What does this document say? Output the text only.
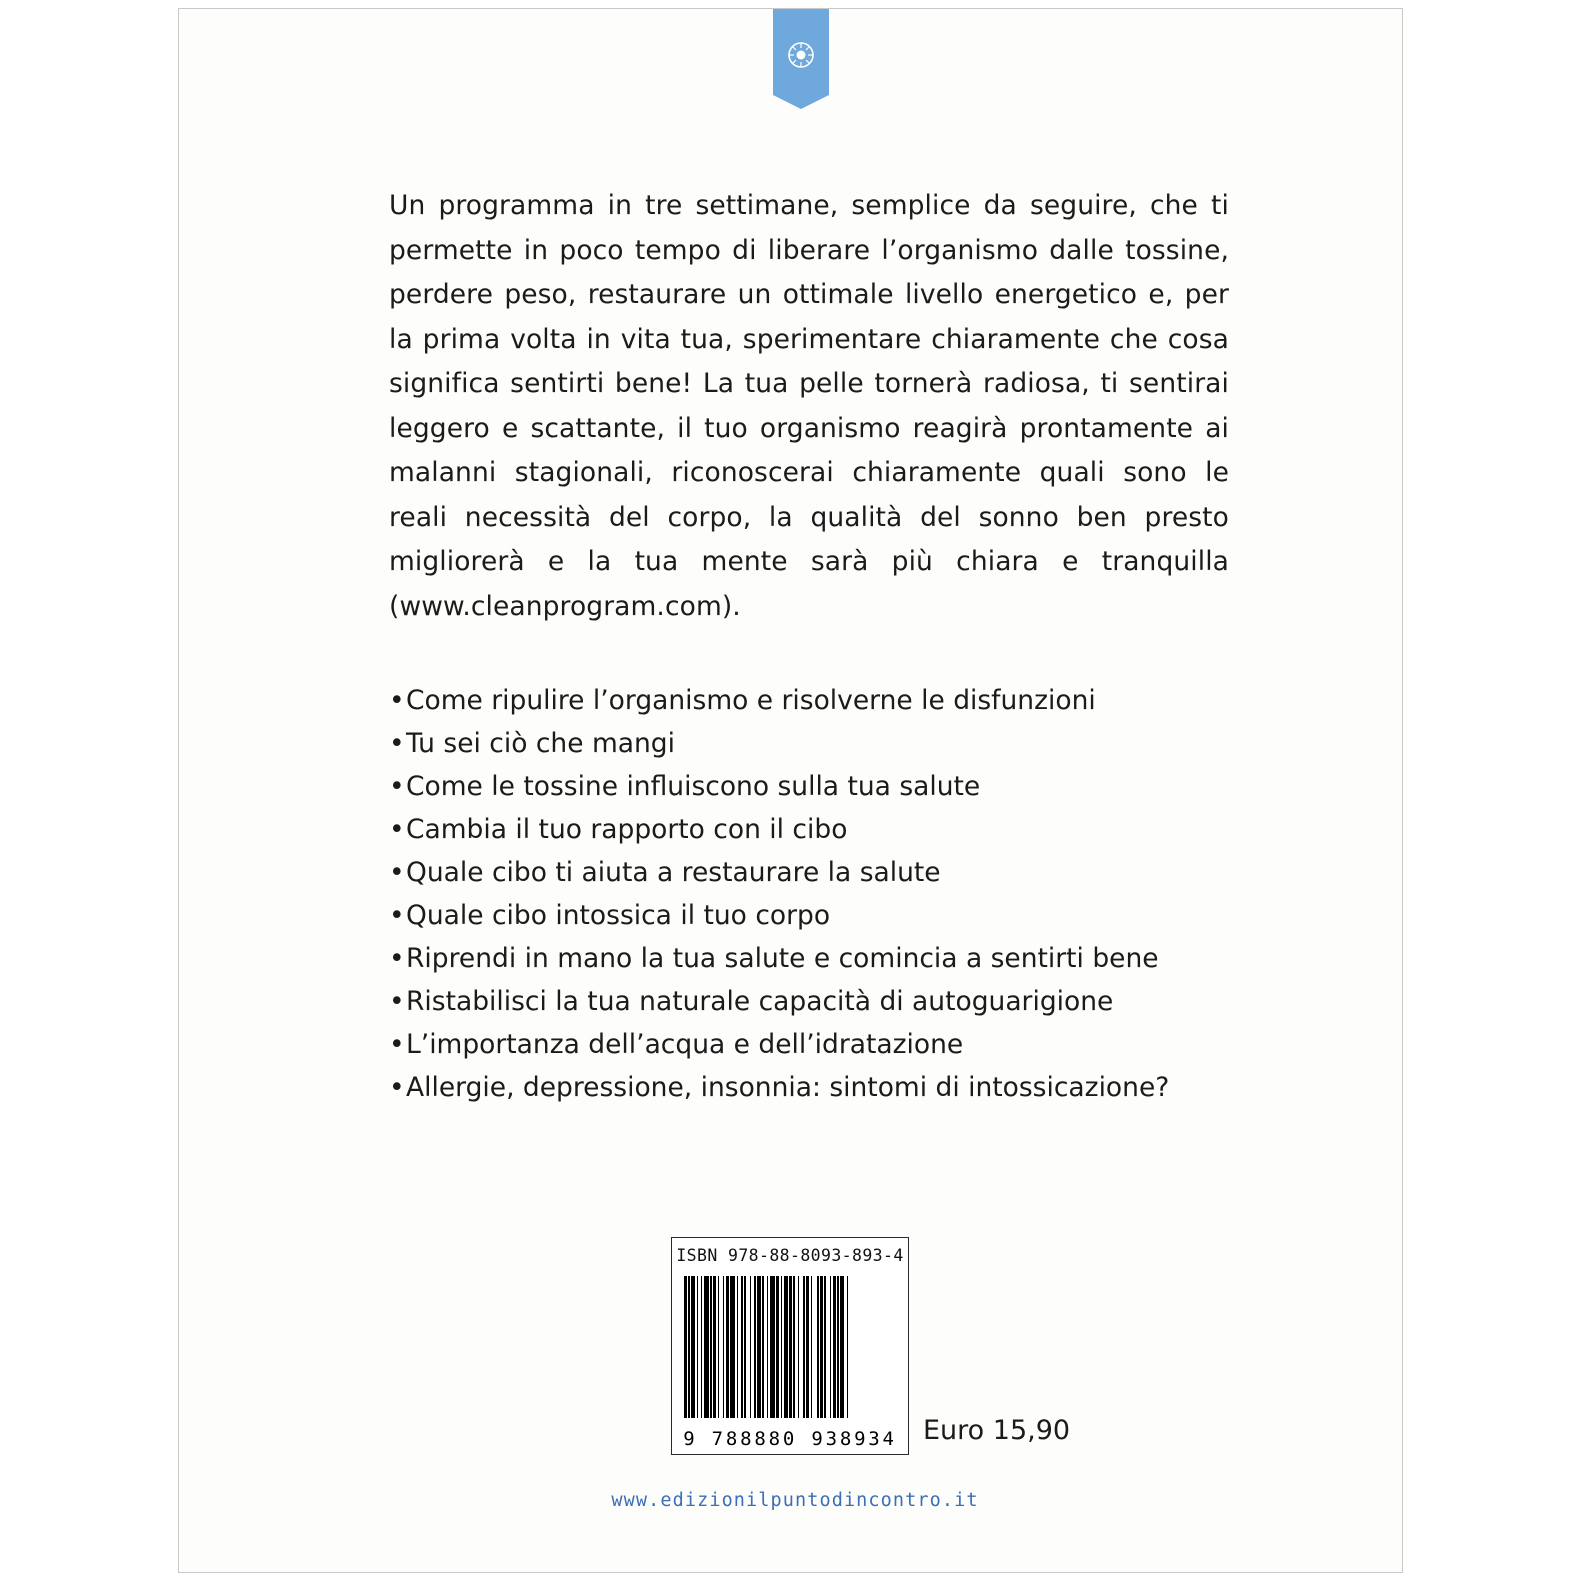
Un programma in tre settimane, semplice da seguire, che ti permette in poco tempo di liberare l’organismo dalle tossine, perdere peso, restaurare un ottimale livello energetico e, per la prima volta in vita tua, sperimentare chiaramente che cosa significa sentirti bene! La tua pelle tornerà radiosa, ti sentirai leggero e scattante, il tuo organismo reagirà prontamente ai malanni stagionali, riconoscerai chiaramente quali sono le reali necessità del corpo, la qualità del sonno ben presto migliorerà e la tua mente sarà più chiara e tranquilla (www.cleanprogram.com).

•Come ripulire l’organismo e risolverne le disfunzioni
•Tu sei ciò che mangi
•Come le tossine influiscono sulla tua salute
•Cambia il tuo rapporto con il cibo
•Quale cibo ti aiuta a restaurare la salute
•Quale cibo intossica il tuo corpo
•Riprendi in mano la tua salute e comincia a sentirti bene
•Ristabilisci la tua naturale capacità di autoguarigione
•L’importanza dell’acqua e dell’idratazione
•Allergie, depressione, insonnia: sintomi di intossicazione?
ISBN 978-88-8093-893-4
9 788880 938934 Euro 15,90
www.edizionilpuntodincontro.it
